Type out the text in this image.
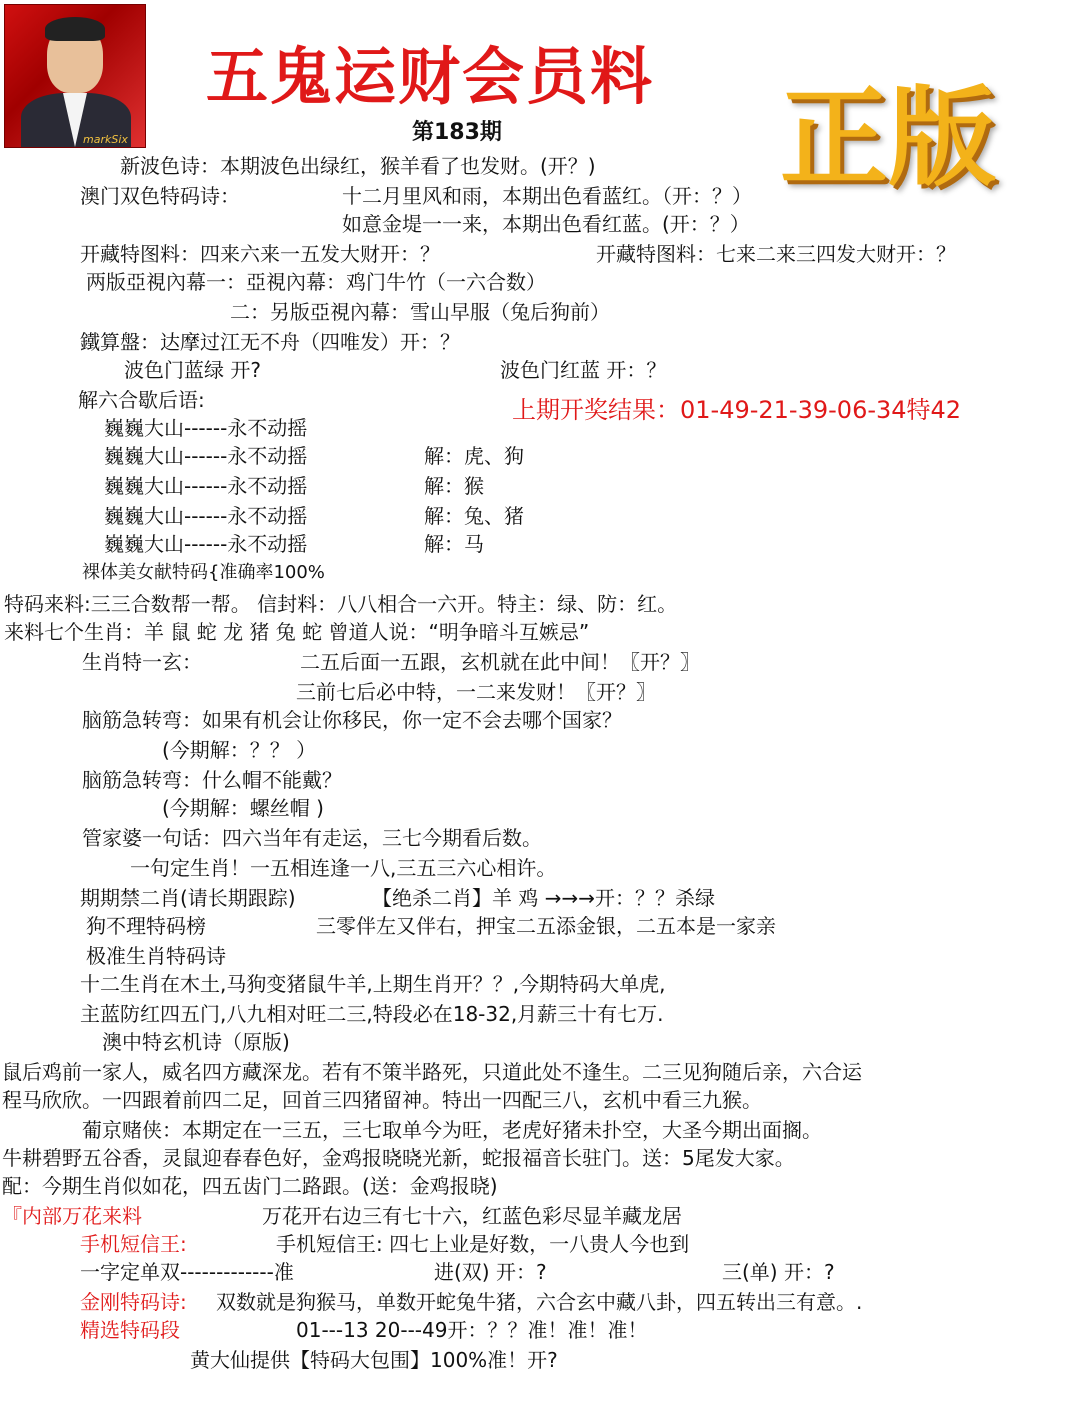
markSix
五鬼运财会员料 正版
第183期
新波色诗：本期波色出绿红，猴羊看了也发财。(开？)
澳门双色特码诗：	十二月里风和雨，本期出色看蓝红。（开：？）
如意金堤一一来，本期出色看红蓝。(开：？）
开藏特图料：四来六来一五发大财开：？	开藏特图料：七来二来三四发大财开：？
两版亞視內幕一：亞視內幕：鸡门牛竹（一六合数）
二：另版亞視內幕：雪山早服（兔后狗前）
鐵算盤：达摩过江无不舟（四唯发）开：？
波色门蓝绿 开?	波色门红蓝 开：？
解六合歇后语:	上期开奖结果：01-49-21-39-06-34特42
巍巍大山------永不动摇
巍巍大山------永不动摇	解：虎、狗
巍巍大山------永不动摇	解：猴
巍巍大山------永不动摇	解：兔、猪
巍巍大山------永不动摇	解：马
裸体美女献特码{准确率100%
特码来料:三三合数帮一帮。 信封料：八八相合一六开。特主：绿、防：红。
来料七个生肖：羊 鼠 蛇 龙 猪 兔 蛇 曾道人说：“明争暗斗互嫉忌”
生肖特一玄：	二五后面一五跟，玄机就在此中间！〖开？〗
三前七后必中特，一二来发财！〖开？〗
脑筋急转弯：如果有机会让你移民，你一定不会去哪个国家？
(今期解：？？ ）
脑筋急转弯：什么帽不能戴？
(今期解：螺丝帽 )
管家婆一句话：四六当年有走运，三七今期看后数。
一句定生肖！一五相连逢一八,三五三六心相许。
期期禁二肖(请长期跟踪)	【绝杀二肖】羊 鸡 →→→开：？？杀绿
狗不理特码榜	三零伴左又伴右，押宝二五添金银，二五本是一家亲
极准生肖特码诗
十二生肖在木土,马狗变猪鼠牛羊,上期生肖开？？,今期特码大单虎,
主蓝防红四五门,八九相对旺二三,特段必在18-32,月薪三十有七万.
澳中特玄机诗（原版)
鼠后鸡前一家人，威名四方藏深龙。若有不策半路死，只道此处不逢生。二三见狗随后亲，六合运
程马欣欣。一四跟着前四二足，回首三四猪留神。特出一四配三八，玄机中看三九猴。
葡京赌侠：本期定在一三五，三七取单今为旺，老虎好猪未扑空，大圣今期出面搁。
牛耕碧野五谷香，灵鼠迎春春色好，金鸡报晓晓光新，蛇报福音长驻门。送：5尾发大家。
配：今期生肖似如花，四五齿门二路跟。(送：金鸡报晓)
『内部万花来料	万花开右边三有七十六，红蓝色彩尽显羊藏龙居
手机短信王:	手机短信王: 四七上业是好数，一八贵人今也到
一字定单双-------------准	进(双) 开：?	三(单) 开：?
金刚特码诗: 双数就是狗猴马，单数开蛇兔牛猪，六合玄中藏八卦，四五转出三有意。.
精选特码段	01---13 20---49开：？？准！准！准！
黄大仙提供【特码大包围】100%准！开?
